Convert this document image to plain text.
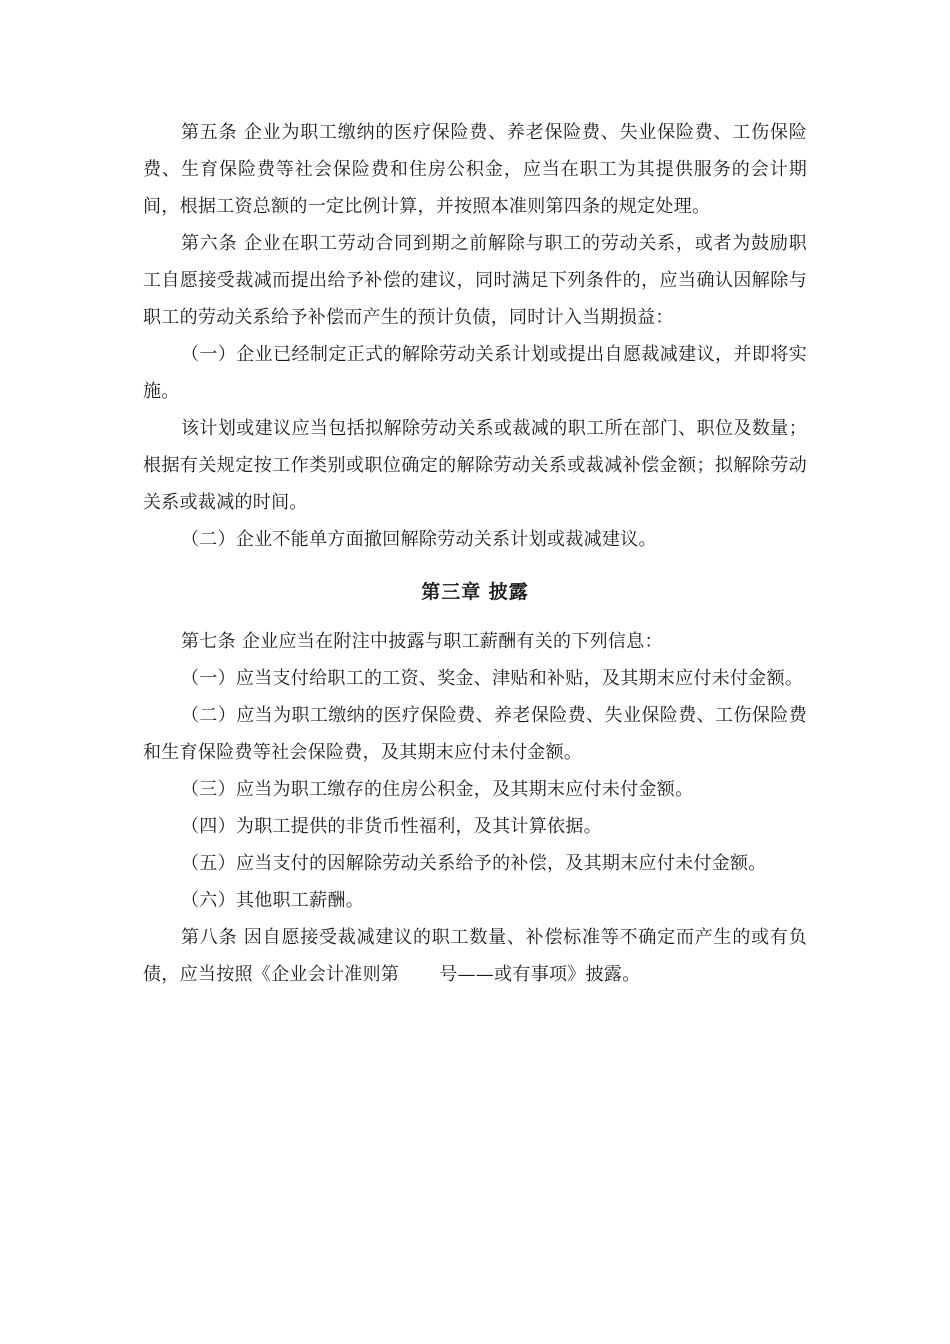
第五条 企业为职工缴纳的医疗保险费、养老保险费、失业保险费、工伤保险费、生育保险费等社会保险费和住房公积金，应当在职工为其提供服务的会计期间，根据工资总额的一定比例计算，并按照本准则第四条的规定处理。

第六条 企业在职工劳动合同到期之前解除与职工的劳动关系，或者为鼓励职工自愿接受裁减而提出给予补偿的建议，同时满足下列条件的，应当确认因解除与职工的劳动关系给予补偿而产生的预计负债，同时计入当期损益：

（一）企业已经制定正式的解除劳动关系计划或提出自愿裁减建议，并即将实施。

该计划或建议应当包括拟解除劳动关系或裁减的职工所在部门、职位及数量；根据有关规定按工作类别或职位确定的解除劳动关系或裁减补偿金额；拟解除劳动关系或裁减的时间。

（二）企业不能单方面撤回解除劳动关系计划或裁减建议。

第三章 披露

第七条 企业应当在附注中披露与职工薪酬有关的下列信息：

（一）应当支付给职工的工资、奖金、津贴和补贴，及其期末应付未付金额。

（二）应当为职工缴纳的医疗保险费、养老保险费、失业保险费、工伤保险费和生育保险费等社会保险费，及其期末应付未付金额。

（三）应当为职工缴存的住房公积金，及其期末应付未付金额。

（四）为职工提供的非货币性福利，及其计算依据。

（五）应当支付的因解除劳动关系给予的补偿，及其期末应付未付金额。

（六）其他职工薪酬。

第八条 因自愿接受裁减建议的职工数量、补偿标准等不确定而产生的或有负债，应当按照《企业会计准则第 号——或有事项》披露。
